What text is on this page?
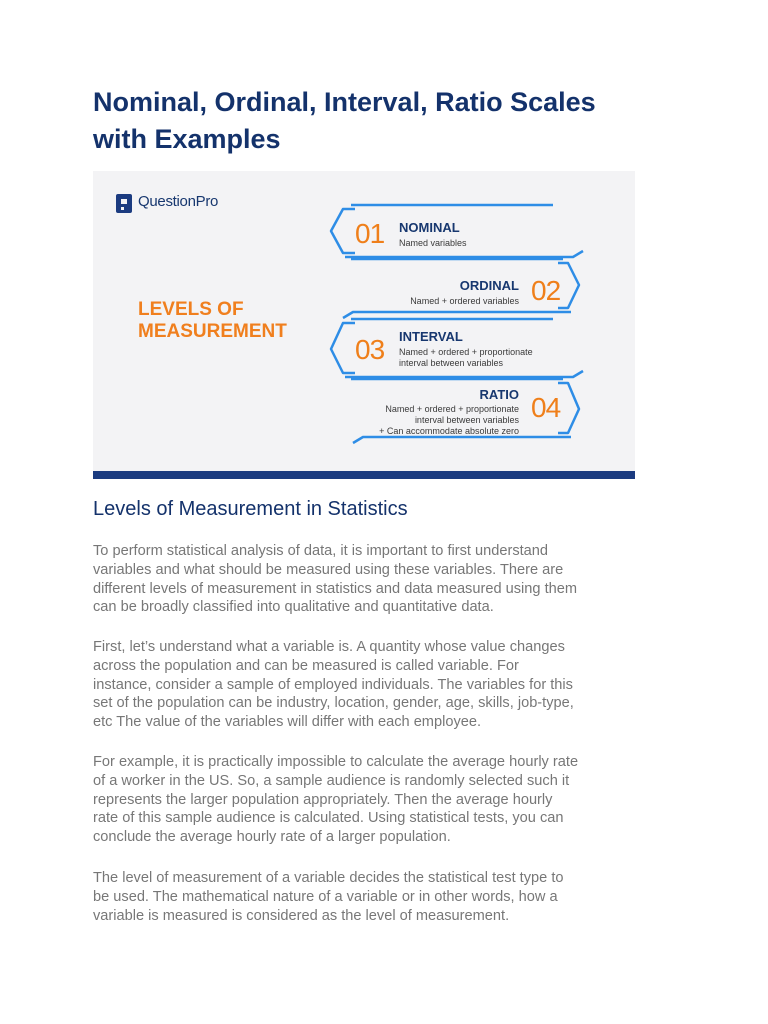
Nominal, Ordinal, Interval, Ratio Scales
with Examples

QuestionPro

LEVELS OF
MEASUREMENT

01 NOMINAL
Named variables
02
ORDINAL
Named + ordered variables
03 INTERVAL
Named + ordered + proportionate
interval between variables
04
RATIO
Named + ordered + proportionate
interval between variables
+ Can accommodate absolute zero
Levels of Measurement in Statistics

To perform statistical analysis of data, it is important to first understand
variables and what should be measured using these variables. There are
different levels of measurement in statistics and data measured using them
can be broadly classified into qualitative and quantitative data.

First, let’s understand what a variable is. A quantity whose value changes
across the population and can be measured is called variable. For
instance, consider a sample of employed individuals. The variables for this
set of the population can be industry, location, gender, age, skills, job-type,
etc The value of the variables will differ with each employee.

For example, it is practically impossible to calculate the average hourly rate
of a worker in the US. So, a sample audience is randomly selected such it
represents the larger population appropriately. Then the average hourly
rate of this sample audience is calculated. Using statistical tests, you can
conclude the average hourly rate of a larger population.

The level of measurement of a variable decides the statistical test type to
be used. The mathematical nature of a variable or in other words, how a
variable is measured is considered as the level of measurement.
